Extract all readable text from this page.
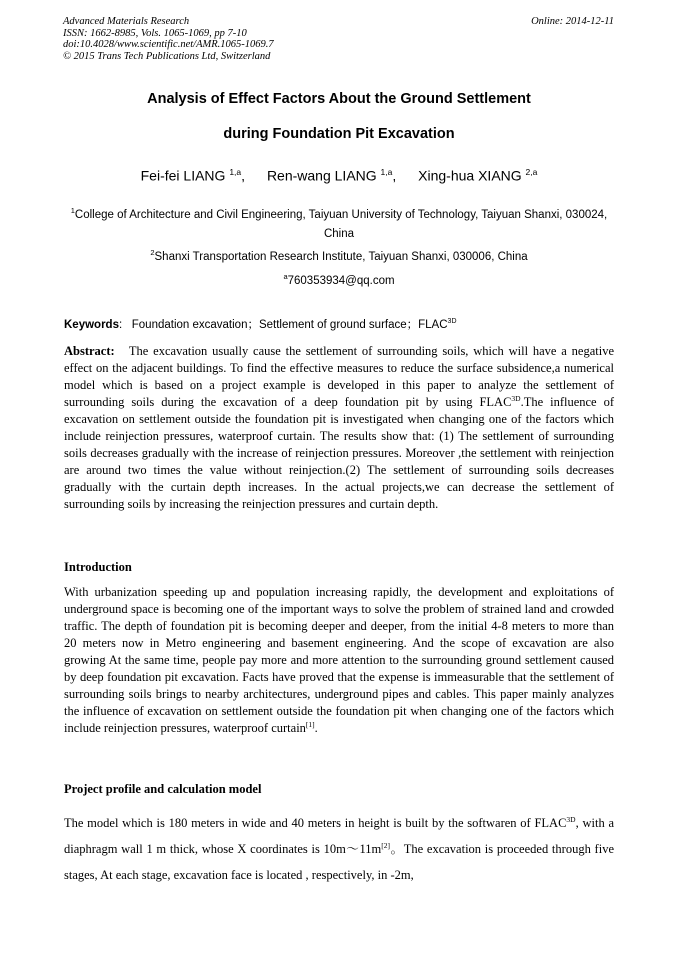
Advanced Materials Research
ISSN: 1662-8985, Vols. 1065-1069, pp 7-10
doi:10.4028/www.scientific.net/AMR.1065-1069.7
© 2015 Trans Tech Publications Ltd, Switzerland
Online: 2014-12-11
Analysis of Effect Factors About the Ground Settlement
during Foundation Pit Excavation
Fei-fei LIANG $^{1,a}$, Ren-wang LIANG $^{1,a}$, Xing-hua XIANG $^{2,a}$
$^1$College of Architecture and Civil Engineering, Taiyuan University of Technology, Taiyuan Shanxi, 030024, China
$^2$Shanxi Transportation Research Institute, Taiyuan Shanxi, 030006, China
$^a$760353934@qq.com
Keywords:   Foundation excavation；Settlement of ground surface；$FLAC^{3D}$
Abstract: The excavation usually cause the settlement of surrounding soils, which will have a negative effect on the adjacent buildings. To find the effective measures to reduce the surface subsidence,a numerical model which is based on a project example is developed in this paper to analyze the settlement of surrounding soils during the excavation of a deep foundation pit by using $FLAC^{3D}.The$ influence of excavation on settlement outside the foundation pit is investigated when changing one of the factors which include reinjection pressures, waterproof curtain. The results show that: (1) The settlement of surrounding soils decreases gradually with the increase of reinjection pressures. Moreover ,the settlement with reinjection are around two times the value without reinjection.(2) The settlement of surrounding soils decreases gradually with the curtain depth increases. In the actual projects,we can decrease the settlement of surrounding soils by increasing the reinjection pressures and curtain depth.
Introduction
With urbanization speeding up and population increasing rapidly, the development and exploitations of underground space is becoming one of the important ways to solve the problem of strained land and crowded traffic. The depth of foundation pit is becoming deeper and deeper, from the initial 4-8 meters to more than 20 meters now in Metro engineering and basement engineering. And the scope of excavation are also growing At the same time, people pay more and more attention to the surrounding ground settlement caused by deep foundation pit excavation. Facts have proved that the expense is immeasurable that the settlement of surrounding soils brings to nearby architectures, underground pipes and cables. This paper mainly analyzes the influence of excavation on settlement outside the foundation pit when changing one of the factors which include reinjection pressures, waterproof curtain[1].
Project profile and calculation model
The model which is 180 meters in wide and 40 meters in height is built by the softwaren of $FLAC^{3D}$, with a diaphragm wall 1 m thick, whose X coordinates is 10m～11m[2]。The excavation is proceeded through five stages, At each stage, excavation face is located , respectively, in -2m,
